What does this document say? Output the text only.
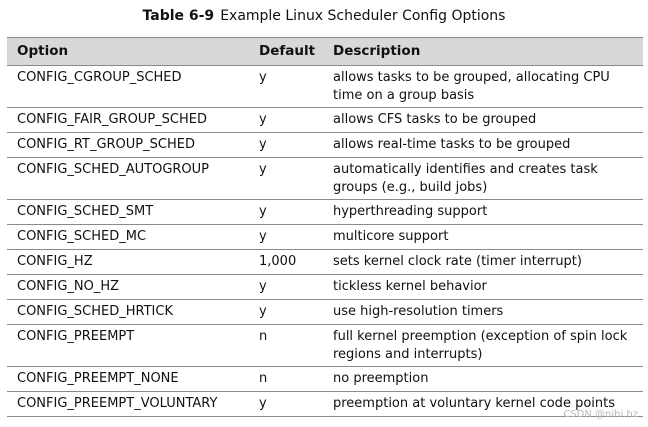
Table 6-9 Example Linux Scheduler Config Options
Option	Default	Description
CONFIG_CGROUP_SCHED	y	allows tasks to be grouped, allocating CPU time on a group basis
CONFIG_FAIR_GROUP_SCHED	y	allows CFS tasks to be grouped
CONFIG_RT_GROUP_SCHED	y	allows real-time tasks to be grouped
CONFIG_SCHED_AUTOGROUP	y	automatically identifies and creates task groups (e.g., build jobs)
CONFIG_SCHED_SMT	y	hyperthreading support
CONFIG_SCHED_MC	y	multicore support
CONFIG_HZ	1,000	sets kernel clock rate (timer interrupt)
CONFIG_NO_HZ	y	tickless kernel behavior
CONFIG_SCHED_HRTICK	y	use high-resolution timers
CONFIG_PREEMPT	n	full kernel preemption (exception of spin lock regions and interrupts)
CONFIG_PREEMPT_NONE	n	no preemption
CONFIG_PREEMPT_VOLUNTARY	y	preemption at voluntary kernel code points
CSDN @nihi.hz
